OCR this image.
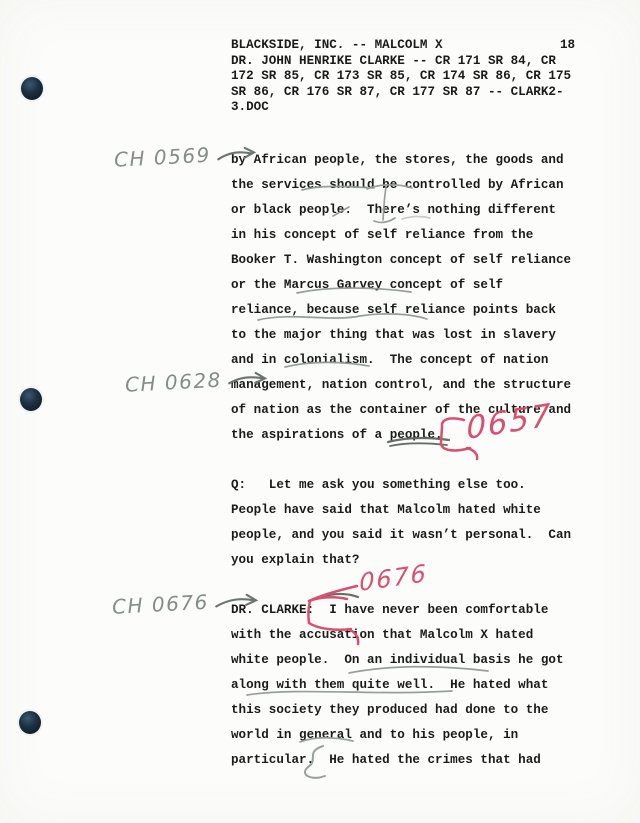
BLACKSIDE, INC. -- MALCOLM X
DR. JOHN HENRIKE CLARKE -- CR 171 SR 84, CR
172 SR 85, CR 173 SR 85, CR 174 SR 86, CR 175
SR 86, CR 176 SR 87, CR 177 SR 87 -- CLARK2-
3.DOC
18
by African people, the stores, the goods and
the services should be controlled by African
or black people.  There’s nothing different
in his concept of self reliance from the
Booker T. Washington concept of self reliance
or the Marcus Garvey concept of self
reliance, because self reliance points back
to the major thing that was lost in slavery
and in colonialism.  The concept of nation
management, nation control, and the structure
of nation as the container of the culture and
the aspirations of a people.
Q:   Let me ask you something else too.
People have said that Malcolm hated white
people, and you said it wasn’t personal.  Can
you explain that?
DR. CLARKE:  I have never been comfortable
with the accusation that Malcolm X hated
white people.  On an individual basis he got
along with them quite well.  He hated what
this society they produced had done to the
world in general and to his people, in
particular.  He hated the crimes that had
CH 0569
CH 0628
CH 0676
0657
0676
